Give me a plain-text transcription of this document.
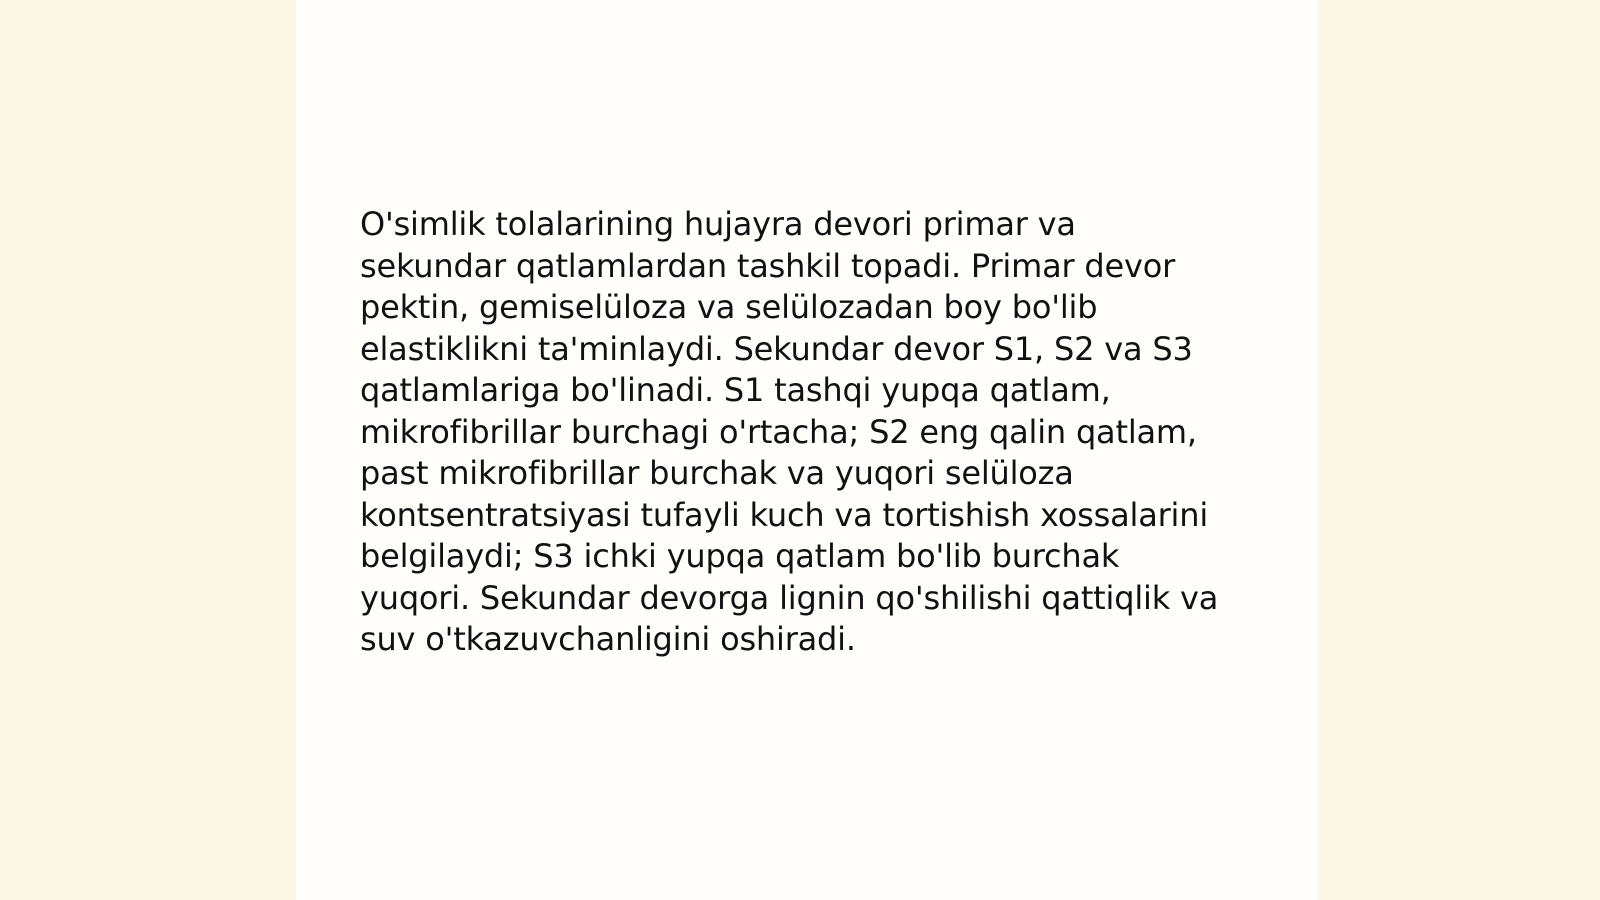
O'simlik tolalarining hujayra devori primar va
sekundar qatlamlardan tashkil topadi. Primar devor
pektin, gemiselüloza va selülozadan boy bo'lib
elastiklikni ta'minlaydi. Sekundar devor S1, S2 va S3
qatlamlariga bo'linadi. S1 tashqi yupqa qatlam,
mikrofibrillar burchagi o'rtacha; S2 eng qalin qatlam,
past mikrofibrillar burchak va yuqori selüloza
kontsentratsiyasi tufayli kuch va tortishish xossalarini
belgilaydi; S3 ichki yupqa qatlam bo'lib burchak
yuqori. Sekundar devorga lignin qo'shilishi qattiqlik va
suv o'tkazuvchanligini oshiradi.
